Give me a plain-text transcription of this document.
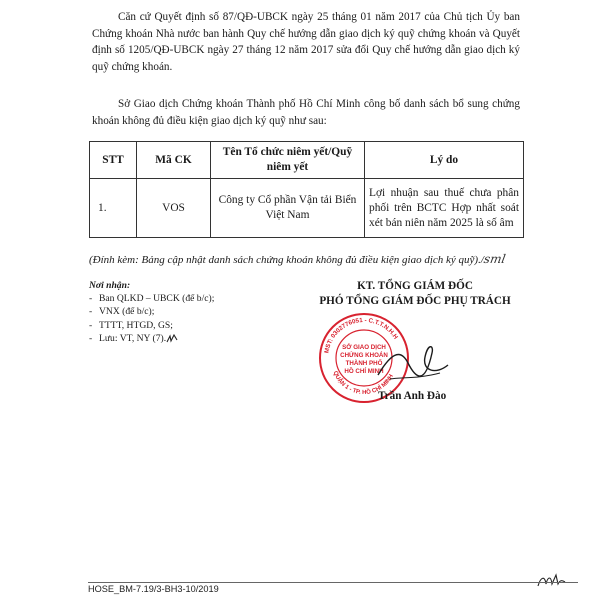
Căn cứ Quyết định số 87/QĐ-UBCK ngày 25 tháng 01 năm 2017 của Chủ tịch Ủy ban Chứng khoán Nhà nước ban hành Quy chế hướng dẫn giao dịch ký quỹ chứng khoán và Quyết định số 1205/QĐ-UBCK ngày 27 tháng 12 năm 2017 sửa đổi Quy chế hướng dẫn giao dịch ký quỹ chứng khoán.

Sở Giao dịch Chứng khoán Thành phố Hồ Chí Minh công bố danh sách bổ sung chứng khoán không đủ điều kiện giao dịch ký quỹ như sau:

STT	Mã CK	Tên Tổ chức niêm yết/Quỹ niêm yết	Lý do
1.	VOS	Công ty Cổ phần Vận tải Biển Việt Nam	Lợi nhuận sau thuế chưa phân phối trên BCTC Hợp nhất soát xét bán niên năm 2025 là số âm
(Đính kèm: Bảng cập nhật danh sách chứng khoán không đủ điều kiện giao dịch ký quỹ)./sml
Nơi nhận:
- Ban QLKD – UBCK (để b/c);
- VNX (để b/c);
- TTTT, HTGD, GS;
- Lưu: VT, NY (7).
KT. TỔNG GIÁM ĐỐC
PHÓ TỔNG GIÁM ĐỐC PHỤ TRÁCH
MST: 0302776051 - C.T.T.N.H.H
QUẬN 1 - TP. HỒ CHÍ MINH
SỞ GIAO DỊCH
CHỨNG KHOÁN
THÀNH PHỐ
HỒ CHÍ MINH
Trần Anh Đào
HOSE_BM-7.19/3-BH3-10/2019
